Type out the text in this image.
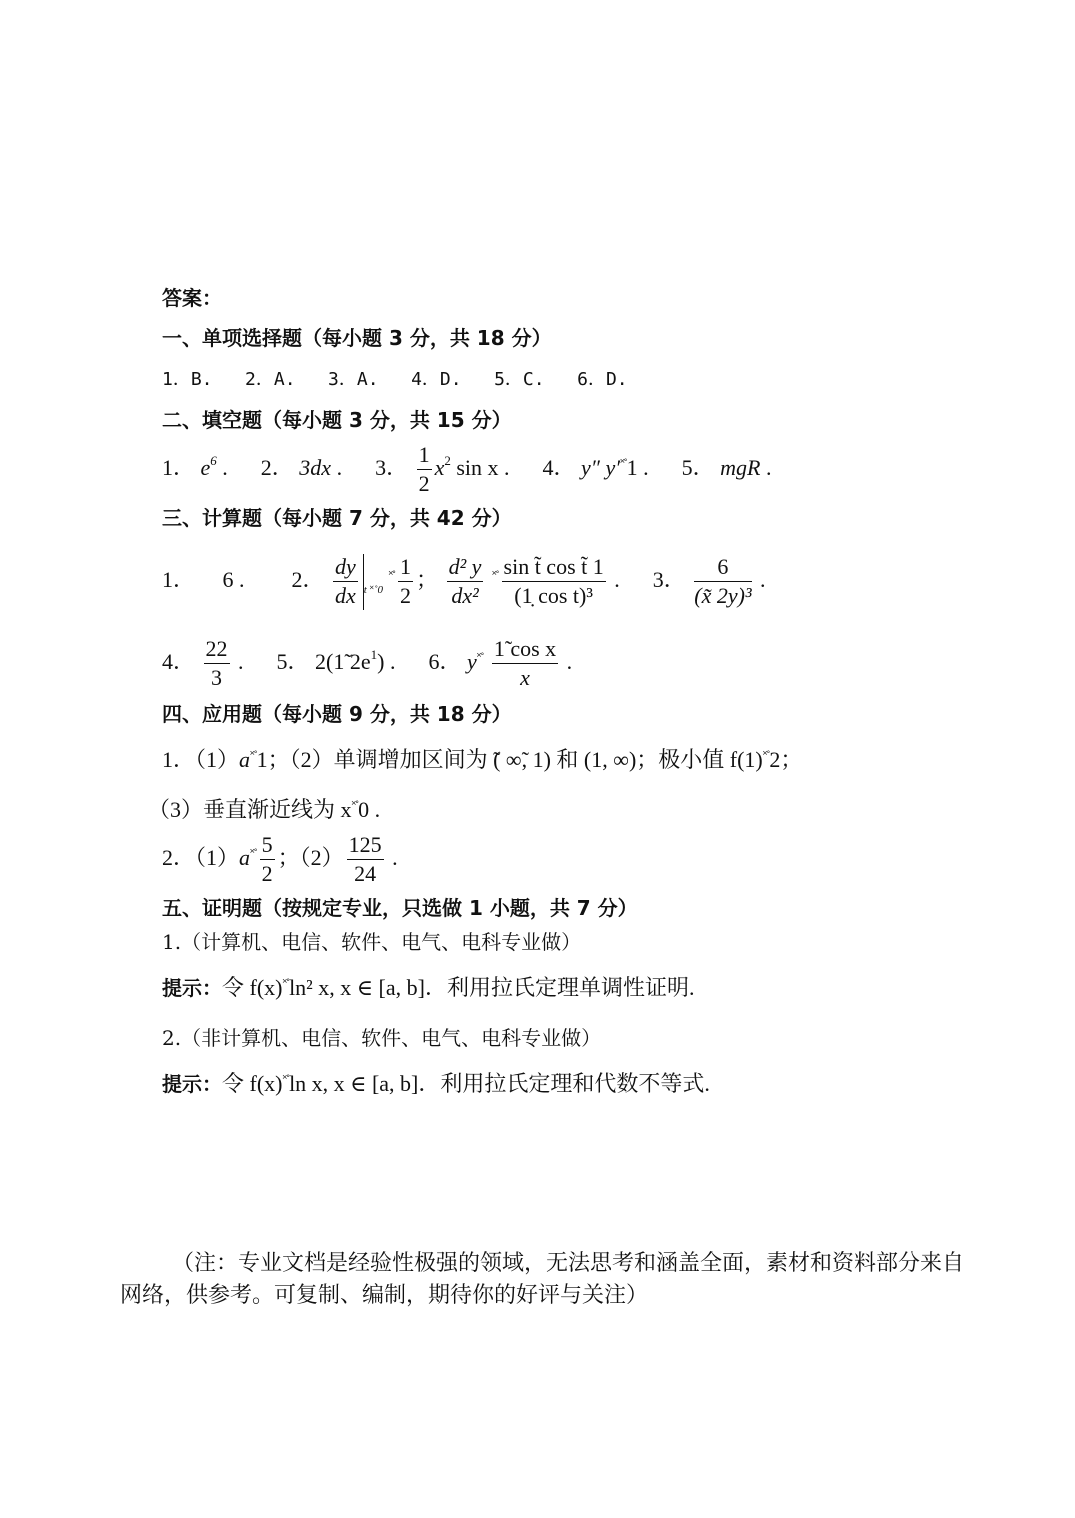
答案：
一、单项选择题（每小题 3 分，共 18 分）
1．B.   2．A.   3．A.   4．D.   5．C.   6．D.
二、填空题（每小题 3 分，共 15 分）
1． $e^6$ .  2． 3dx .  3． $\frac{1}{2} x^2$ sin x .  4． y″ y′˟˚1 .  5． mgR .
三、计算题（每小题 7 分，共 42 分）
1． 6 .  2． $\frac{dy}{dx} _{t ˟˚0}$ $^{˟˚} \frac{1}{2}$ ； $\frac{\text{d² y}}{\text{dx²}} ^{˟˚} \frac{\text{sin t̃ cos t̃ 1}}{\text{(1̣ cos t)³}}$ .  3． $\frac{6}{\text{(x̃ 2y)³}}$ .
4． $\frac{22}{3}$ .  5． 2(1̃ $2e^1$) .  6． $y^{˟˚} \frac{\text{1̃ cos x}}{x}$ .
四、应用题（每小题 9 分，共 18 分）
1．（1）a˟˚1；（2）单调增加区间为 ̃( ∞̃, 1) 和 (1, ∞)；极小值 f(1)˟˚2；
（3）垂直渐近线为 x˟˚0 .
2．$(1)a^{˟˚} \frac{5}{2}$ ；$(2) \frac{125}{24}$ .
五、证明题（按规定专业，只选做 1 小题，共 7 分）
1.（计算机、电信、软件、电气、电科专业做）
提示：令 f(x)˟˚ln² x, x ∈ [a, b]．利用拉氏定理单调性证明.
2.（非计算机、电信、软件、电气、电科专业做）
提示：令 f(x)˟˚ln x, x ∈ [a, b]．利用拉氏定理和代数不等式.
（注：专业文档是经验性极强的领域，无法思考和涵盖全面，素材和资料部分来自网络，供参考。可复制、编制，期待你的好评与关注）
